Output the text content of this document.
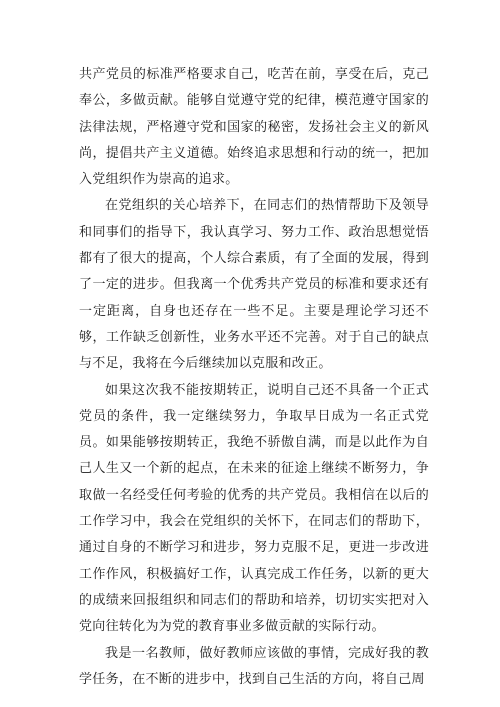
共产党员的标准严格要求自己，吃苦在前，享受在后，克己奉公，多做贡献。能够自觉遵守党的纪律，模范遵守国家的法律法规，严格遵守党和国家的秘密，发扬社会主义的新风尚，提倡共产主义道德。始终追求思想和行动的统一，把加入党组织作为崇高的追求。

在党组织的关心培养下，在同志们的热情帮助下及领导和同事们的指导下，我认真学习、努力工作、政治思想觉悟都有了很大的提高，个人综合素质，有了全面的发展，得到了一定的进步。但我离一个优秀共产党员的标准和要求还有一定距离，自身也还存在一些不足。主要是理论学习还不够，工作缺乏创新性，业务水平还不完善。对于自己的缺点与不足，我将在今后继续加以克服和改正。

如果这次我不能按期转正，说明自己还不具备一个正式党员的条件，我一定继续努力，争取早日成为一名正式党员。如果能够按期转正，我绝不骄傲自满，而是以此作为自己人生又一个新的起点，在未来的征途上继续不断努力，争取做一名经受任何考验的优秀的共产党员。我相信在以后的工作学习中，我会在党组织的关怀下，在同志们的帮助下，通过自身的不断学习和进步，努力克服不足，更进一步改进工作作风，积极搞好工作，认真完成工作任务，以新的更大的成绩来回报组织和同志们的帮助和培养，切切实实把对入党向往转化为为党的教育事业多做贡献的实际行动。

我是一名教师，做好教师应该做的事情，完成好我的教学任务，在不断的进步中，找到自己生活的方向，将自己周
